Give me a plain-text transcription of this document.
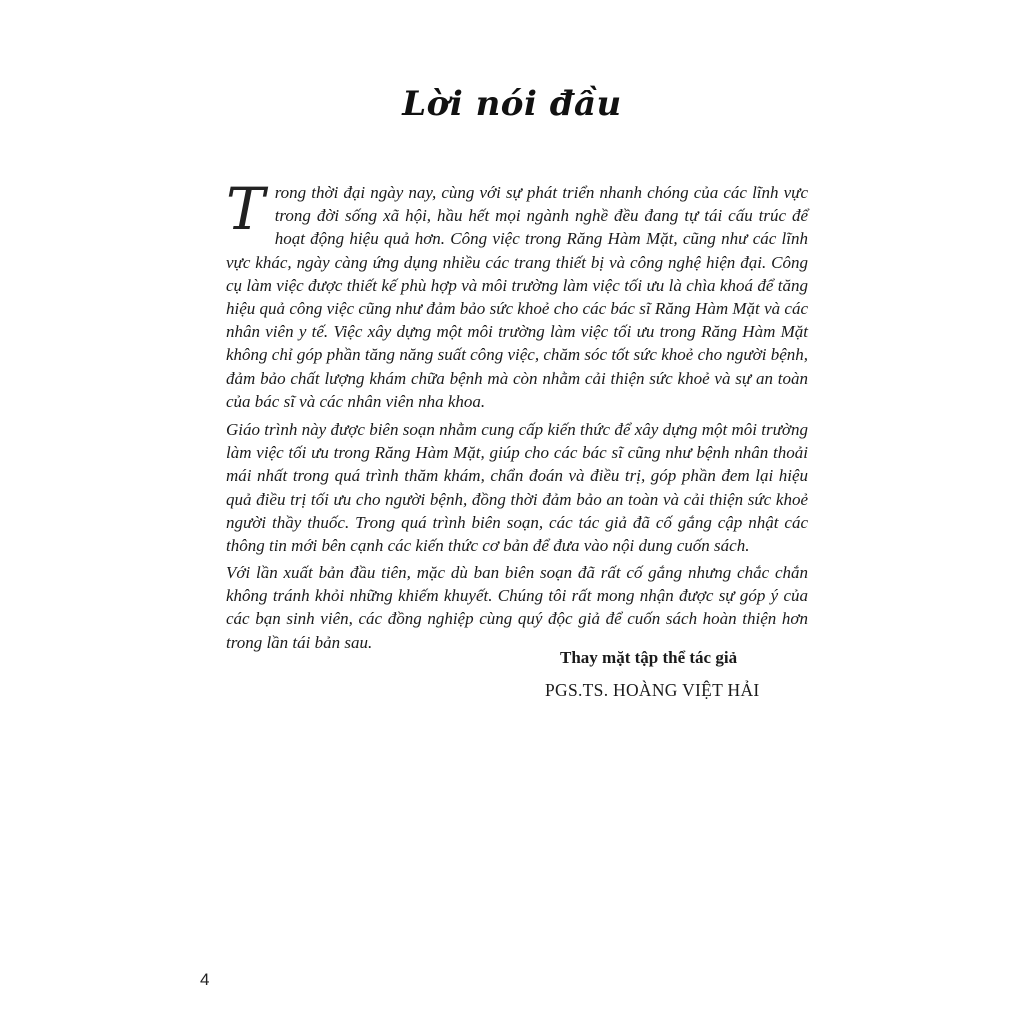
Lời nói đầu

Trong thời đại ngày nay, cùng với sự phát triển nhanh chóng của các lĩnh vực trong đời sống xã hội, hầu hết mọi ngành nghề đều đang tự tái cấu trúc để hoạt động hiệu quả hơn. Công việc trong Răng Hàm Mặt, cũng như các lĩnh vực khác, ngày càng ứng dụng nhiều các trang thiết bị và công nghệ hiện đại. Công cụ làm việc được thiết kế phù hợp và môi trường làm việc tối ưu là chìa khoá để tăng hiệu quả công việc cũng như đảm bảo sức khoẻ cho các bác sĩ Răng Hàm Mặt và các nhân viên y tế. Việc xây dựng một môi trường làm việc tối ưu trong Răng Hàm Mặt không chỉ góp phần tăng năng suất công việc, chăm sóc tốt sức khoẻ cho người bệnh, đảm bảo chất lượng khám chữa bệnh mà còn nhằm cải thiện sức khoẻ và sự an toàn của bác sĩ và các nhân viên nha khoa.

Giáo trình này được biên soạn nhằm cung cấp kiến thức để xây dựng một môi trường làm việc tối ưu trong Răng Hàm Mặt, giúp cho các bác sĩ cũng như bệnh nhân thoải mái nhất trong quá trình thăm khám, chẩn đoán và điều trị, góp phần đem lại hiệu quả điều trị tối ưu cho người bệnh, đồng thời đảm bảo an toàn và cải thiện sức khoẻ người thầy thuốc. Trong quá trình biên soạn, các tác giả đã cố gắng cập nhật các thông tin mới bên cạnh các kiến thức cơ bản để đưa vào nội dung cuốn sách.

Với lần xuất bản đầu tiên, mặc dù ban biên soạn đã rất cố gắng nhưng chắc chắn không tránh khỏi những khiếm khuyết. Chúng tôi rất mong nhận được sự góp ý của các bạn sinh viên, các đồng nghiệp cùng quý độc giả để cuốn sách hoàn thiện hơn trong lần tái bản sau.

Thay mặt tập thể tác giả

PGS.TS. HOÀNG VIỆT HẢI

4
